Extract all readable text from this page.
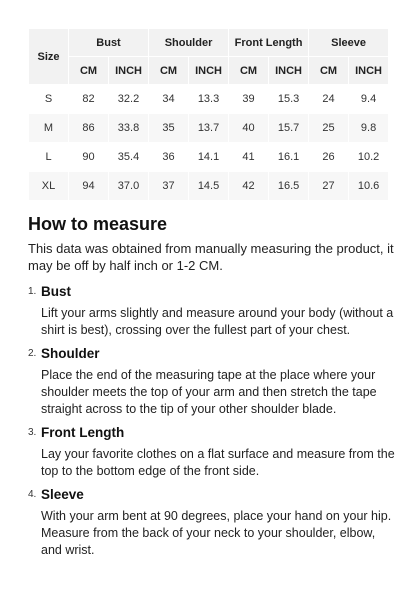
Size	Bust		Shoulder		Front Length		Sleeve	
	CM	INCH	CM	INCH	CM	INCH	CM	INCH
S	82	32.2	34	13.3	39	15.3	24	9.4
M	86	33.8	35	13.7	40	15.7	25	9.8
L	90	35.4	36	14.1	41	16.1	26	10.2
XL	94	37.0	37	14.5	42	16.5	27	10.6
How to measure

This data was obtained from manually measuring the product, it may be off by half inch or 1-2 CM.

1. Bust
Lift your arms slightly and measure around your body (without a shirt is best), crossing over the fullest part of your chest.
2. Shoulder
Place the end of the measuring tape at the place where your shoulder meets the top of your arm and then stretch the tape straight across to the tip of your other shoulder blade.
3. Front Length
Lay your favorite clothes on a flat surface and measure from the top to the bottom edge of the front side.
4. Sleeve
With your arm bent at 90 degrees, place your hand on your hip. Measure from the back of your neck to your shoulder, elbow, and wrist.
